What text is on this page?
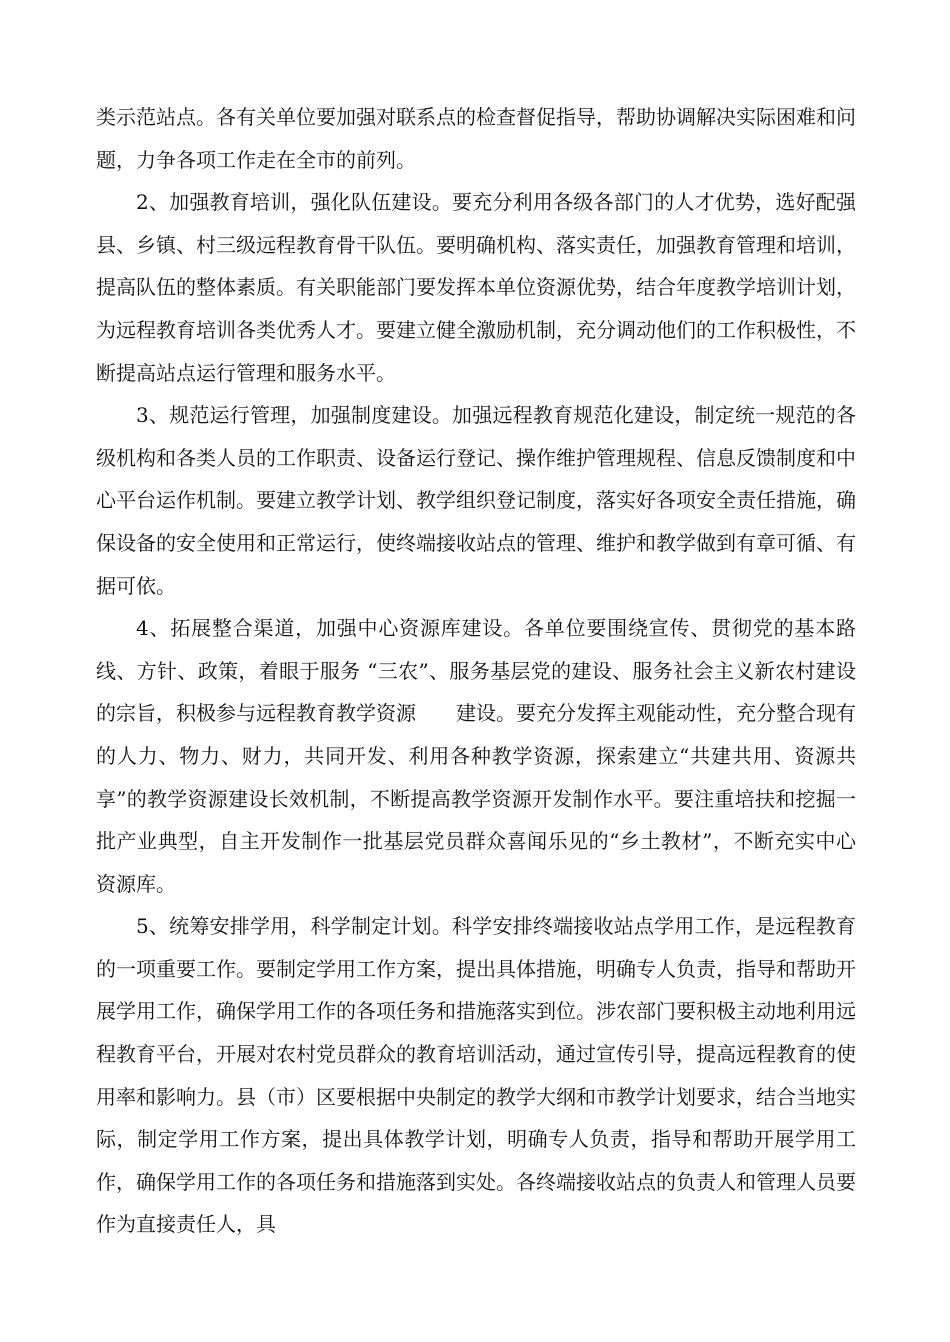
类示范站点。各有关单位要加强对联系点的检查督促指导，帮助协调解决实际困难和问题，力争各项工作走在全市的前列。

2、加强教育培训，强化队伍建设。要充分利用各级各部门的人才优势，选好配强县、乡镇、村三级远程教育骨干队伍。要明确机构、落实责任，加强教育管理和培训，提高队伍的整体素质。有关职能部门要发挥本单位资源优势，结合年度教学培训计划，为远程教育培训各类优秀人才。要建立健全激励机制，充分调动他们的工作积极性，不断提高站点运行管理和服务水平。

3、规范运行管理，加强制度建设。加强远程教育规范化建设，制定统一规范的各级机构和各类人员的工作职责、设备运行登记、操作维护管理规程、信息反馈制度和中心平台运作机制。要建立教学计划、教学组织登记制度，落实好各项安全责任措施，确保设备的安全使用和正常运行，使终端接收站点的管理、维护和教学做到有章可循、有据可依。

4、拓展整合渠道，加强中心资源库建设。各单位要围绕宣传、贯彻党的基本路线、方针、政策，着眼于服务 “三农”、服务基层党的建设、服务社会主义新农村建设的宗旨，积极参与远程教育教学资源　　建设。要充分发挥主观能动性，充分整合现有的人力、物力、财力，共同开发、利用各种教学资源，探索建立“共建共用、资源共享”的教学资源建设长效机制，不断提高教学资源开发制作水平。要注重培扶和挖掘一批产业典型，自主开发制作一批基层党员群众喜闻乐见的“乡土教材”，不断充实中心资源库。

5、统筹安排学用，科学制定计划。科学安排终端接收站点学用工作，是远程教育的一项重要工作。要制定学用工作方案，提出具体措施，明确专人负责，指导和帮助开展学用工作，确保学用工作的各项任务和措施落实到位。涉农部门要积极主动地利用远程教育平台，开展对农村党员群众的教育培训活动，通过宣传引导，提高远程教育的使用率和影响力。县（市）区要根据中央制定的教学大纲和市教学计划要求，结合当地实际，制定学用工作方案，提出具体教学计划，明确专人负责，指导和帮助开展学用工作，确保学用工作的各项任务和措施落到实处。各终端接收站点的负责人和管理人员要作为直接责任人，具
